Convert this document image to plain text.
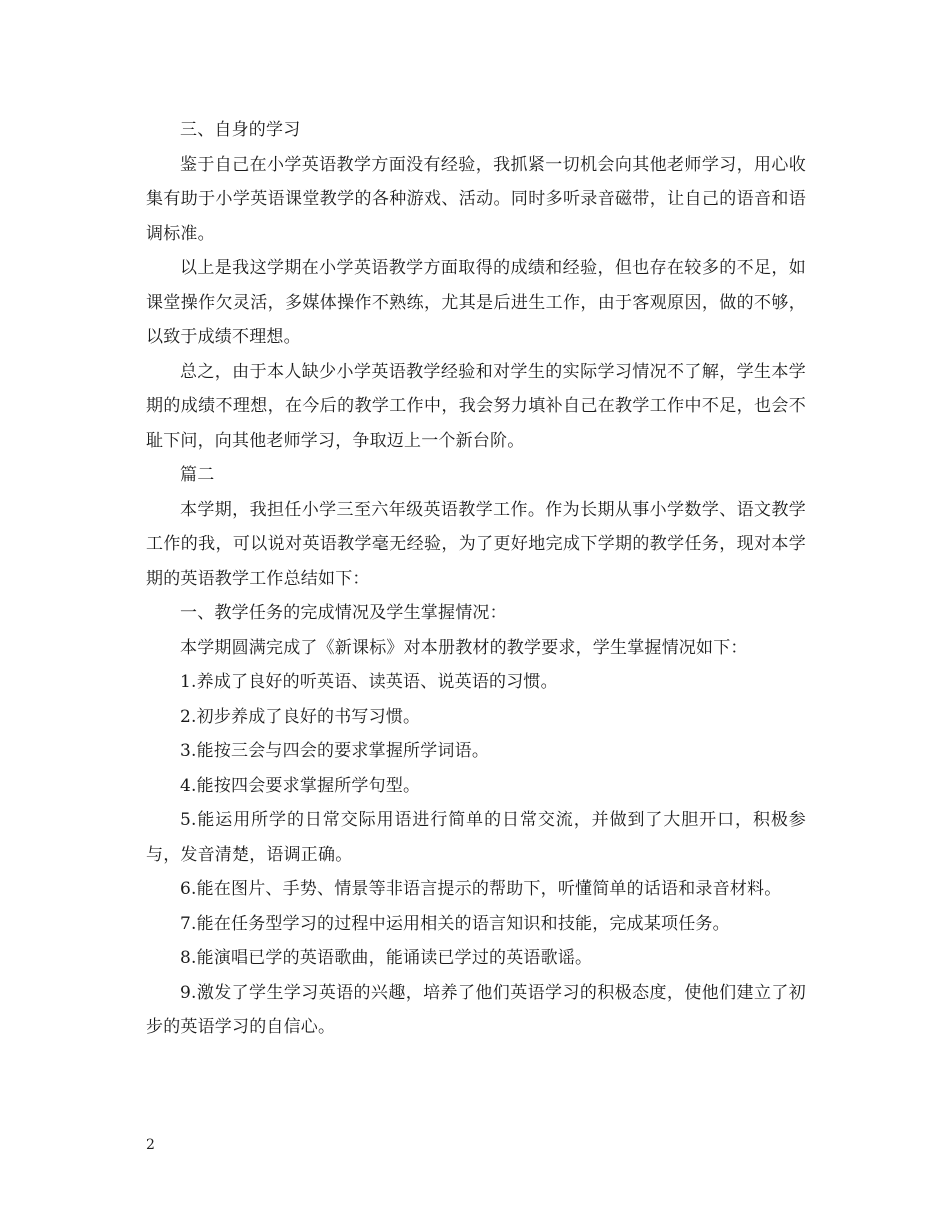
三、自身的学习

鉴于自己在小学英语教学方面没有经验，我抓紧一切机会向其他老师学习，用心收集有助于小学英语课堂教学的各种游戏、活动。同时多听录音磁带，让自己的语音和语调标准。

以上是我这学期在小学英语教学方面取得的成绩和经验，但也存在较多的不足，如课堂操作欠灵活，多媒体操作不熟练，尤其是后进生工作，由于客观原因，做的不够，以致于成绩不理想。

总之，由于本人缺少小学英语教学经验和对学生的实际学习情况不了解，学生本学期的成绩不理想，在今后的教学工作中，我会努力填补自己在教学工作中不足，也会不耻下问，向其他老师学习，争取迈上一个新台阶。

篇二

本学期，我担任小学三至六年级英语教学工作。作为长期从事小学数学、语文教学工作的我，可以说对英语教学毫无经验，为了更好地完成下学期的教学任务，现对本学期的英语教学工作总结如下：

一、教学任务的完成情况及学生掌握情况：

本学期圆满完成了《新课标》对本册教材的教学要求，学生掌握情况如下：

1.养成了良好的听英语、读英语、说英语的习惯。

2.初步养成了良好的书写习惯。

3.能按三会与四会的要求掌握所学词语。

4.能按四会要求掌握所学句型。

5.能运用所学的日常交际用语进行简单的日常交流，并做到了大胆开口，积极参与，发音清楚，语调正确。

6.能在图片、手势、情景等非语言提示的帮助下，听懂简单的话语和录音材料。

7.能在任务型学习的过程中运用相关的语言知识和技能，完成某项任务。

8.能演唱已学的英语歌曲，能诵读已学过的英语歌谣。

9.激发了学生学习英语的兴趣，培养了他们英语学习的积极态度，使他们建立了初步的英语学习的自信心。

2
